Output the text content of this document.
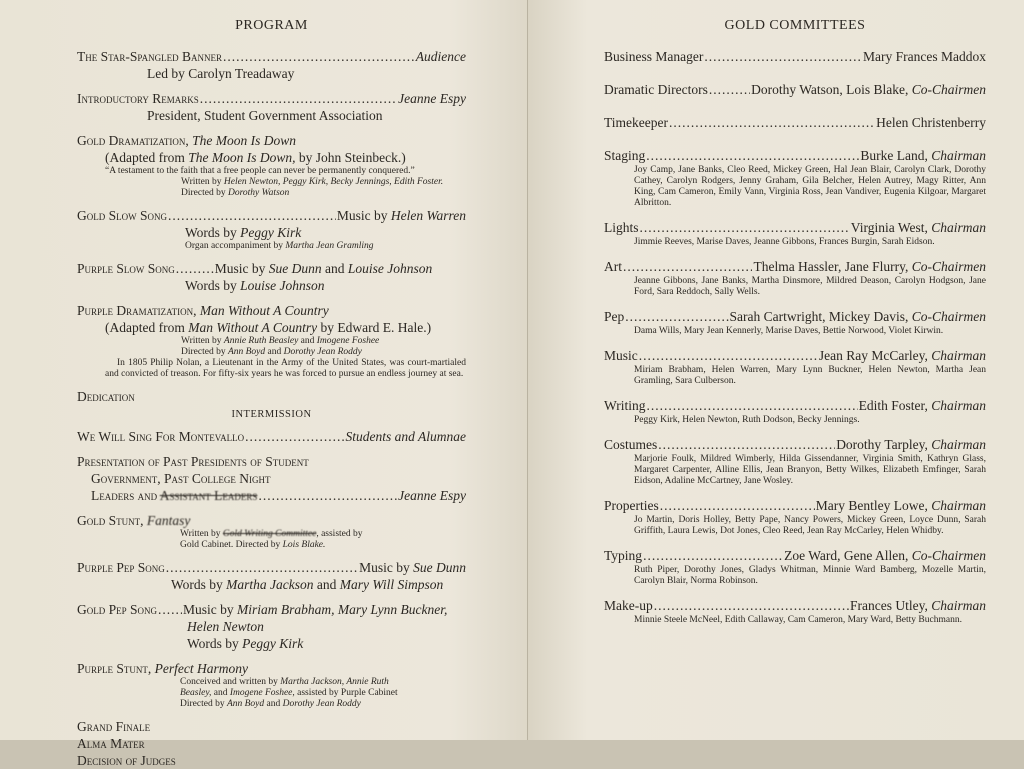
PROGRAM
The Star-Spangled Banner .....	Audience
Led by Carolyn Treadaway
Introductory Remarks .....	Jeanne Espy
President, Student Government Association
Gold Dramatization,
The Moon Is Down
(Adapted from The Moon Is Down, by John Steinbeck.)
“A testament to the faith that a free people can never be permanently conquered.”
Written by Helen Newton, Peggy Kirk, Becky Jennings, Edith Foster.
Directed by Dorothy Watson
Gold Slow Song .....	Music by Helen Warren
Words by Peggy Kirk
Organ accompaniment by Martha Jean Gramling
Purple Slow Song .....	Music by Sue Dunn and Louise Johnson
Words by Louise Johnson
Purple Dramatization,
Man Without A Country
(Adapted from Man Without A Country by Edward E. Hale.)
Written by Annie Ruth Beasley and Imogene Foshee
Directed by Ann Boyd and Dorothy Jean Roddy
In 1805 Philip Nolan, a Lieutenant in the Army of the United States, was court-martialed and convicted of treason. For fifty-six years he was forced to pursue an endless journey at sea.
Dedication
INTERMISSION
We Will Sing For Montevallo .....	Students and Alumnae
Presentation of Past Presidents of Student
Government, Past College Night
Leaders and Assistant Leaders .....	Jeanne Espy
Gold Stunt,
Fantasy
Written by Gold Writing Committee, assisted by
Gold Cabinet. Directed by Lois Blake.
Purple Pep Song .....	Music by Sue Dunn
Words by Martha Jackson and Mary Will Simpson
Gold Pep Song ..... Music by Miriam Brabham, Mary Lynn Buckner,
Helen Newton
Words by Peggy Kirk
Purple Stunt,
Perfect Harmony
Conceived and written by Martha Jackson, Annie Ruth
Beasley, and Imogene Foshee, assisted by Purple Cabinet
Directed by Ann Boyd and Dorothy Jean Roddy
Grand Finale
Alma Mater
Decision of Judges
GOLD COMMITTEES
Business Manager .....	Mary Frances Maddox
Dramatic Directors .....	Dorothy Watson, Lois Blake, Co-Chairmen
Timekeeper .....	Helen Christenberry
Staging .....	Burke Land, Chairman
Joy Camp, Jane Banks, Cleo Reed, Mickey Green, Hal Jean Blair, Carolyn Clark, Dorothy Cathey, Carolyn Rodgers, Jenny Graham, Gila Belcher, Helen Autrey, Magy Ritter, Ann King, Cam Cameron, Emily Vann, Virginia Ross, Jean Vandiver, Eugenia Kilgoar, Margaret Albritton.
Lights .....	Virginia West, Chairman
Jimmie Reeves, Marise Daves, Jeanne Gibbons, Frances Burgin, Sarah Eidson.
Art .....	Thelma Hassler, Jane Flurry, Co-Chairmen
Jeanne Gibbons, Jane Banks, Martha Dinsmore, Mildred Deason, Carolyn Hodgson, Jane Ford, Sara Reddoch, Sally Wells.
Pep .....	Sarah Cartwright, Mickey Davis, Co-Chairmen
Dama Wills, Mary Jean Kennerly, Marise Daves, Bettie Norwood, Violet Kirwin.
Music .....	Jean Ray McCarley, Chairman
Miriam Brabham, Helen Warren, Mary Lynn Buckner, Helen Newton, Martha Jean Gramling, Sara Culberson.
Writing .....	Edith Foster, Chairman
Peggy Kirk, Helen Newton, Ruth Dodson, Becky Jennings.
Costumes .....	Dorothy Tarpley, Chairman
Marjorie Foulk, Mildred Wimberly, Hilda Gissendanner, Virginia Smith, Kathryn Glass, Margaret Carpenter, Alline Ellis, Jean Branyon, Betty Wilkes, Elizabeth Emfinger, Sarah Eidson, Adaline McCartney, Jane Wosley.
Properties .....	Mary Bentley Lowe, Chairman
Jo Martin, Doris Holley, Betty Pape, Nancy Powers, Mickey Green, Loyce Dunn, Sarah Griffith, Laura Lewis, Dot Jones, Cleo Reed, Jean Ray McCarley, Helen Whidby.
Typing .....	Zoe Ward, Gene Allen, Co-Chairmen
Ruth Piper, Dorothy Jones, Gladys Whitman, Minnie Ward Bamberg, Mozelle Martin, Carolyn Blair, Norma Robinson.
Make-up .....	Frances Utley, Chairman
Minnie Steele McNeel, Edith Callaway, Cam Cameron, Mary Ward, Betty Buchmann.
